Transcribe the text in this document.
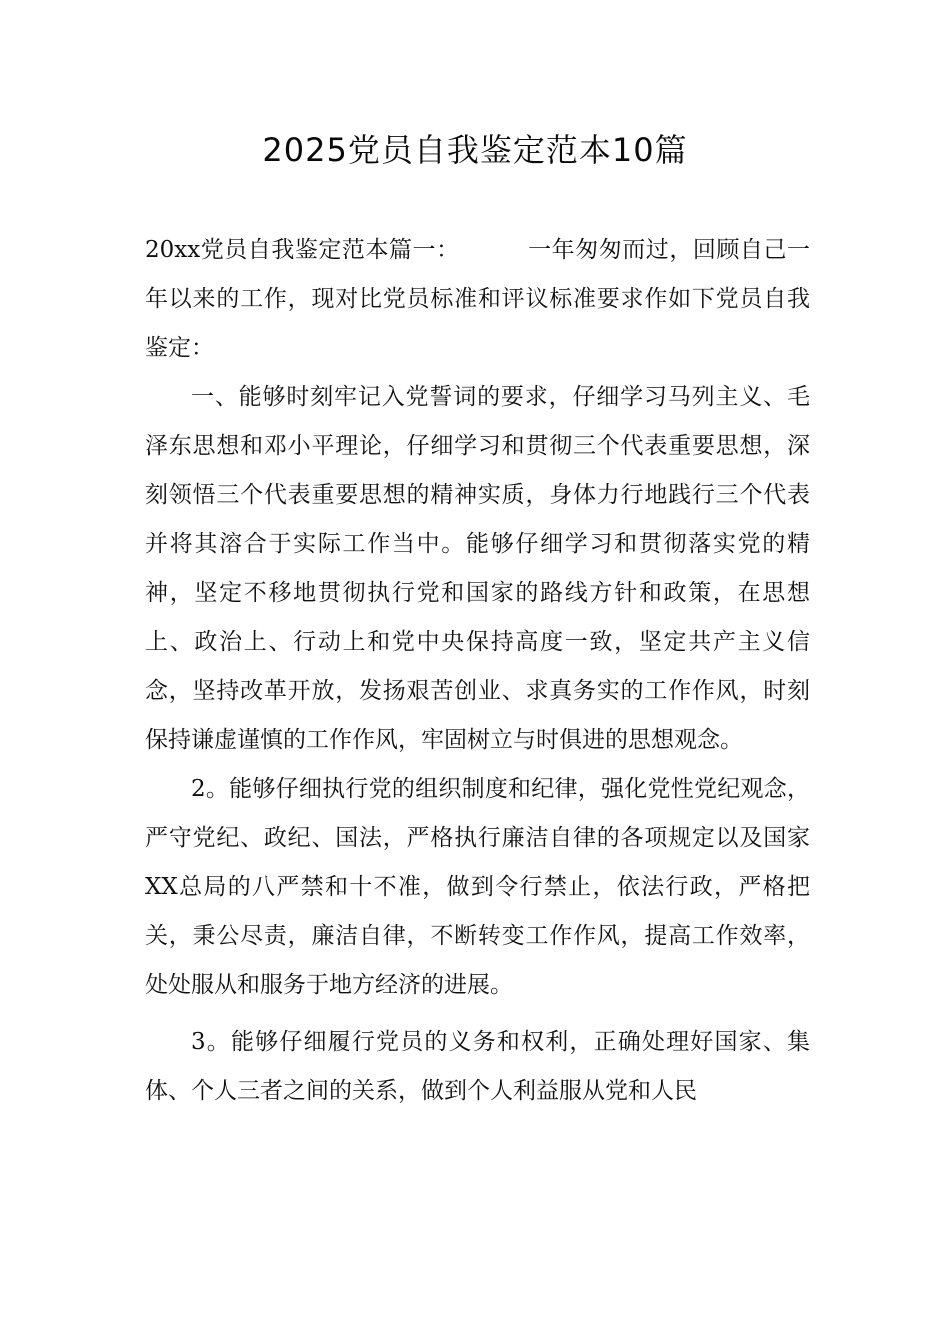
2025党员自我鉴定范本10篇

20xx党员自我鉴定范本篇一：	一年匆匆而过，回顾自己一年以来的工作，现对比党员标准和评议标准要求作如下党员自我鉴定：

一、能够时刻牢记入党誓词的要求，仔细学习马列主义、毛泽东思想和邓小平理论，仔细学习和贯彻三个代表重要思想，深刻领悟三个代表重要思想的精神实质，身体力行地践行三个代表并将其溶合于实际工作当中。能够仔细学习和贯彻落实党的精神，坚定不移地贯彻执行党和国家的路线方针和政策，在思想上、政治上、行动上和党中央保持高度一致，坚定共产主义信念，坚持改革开放，发扬艰苦创业、求真务实的工作作风，时刻保持谦虚谨慎的工作作风，牢固树立与时俱进的思想观念。

2。能够仔细执行党的组织制度和纪律，强化党性党纪观念，严守党纪、政纪、国法，严格执行廉洁自律的各项规定以及国家XX总局的八严禁和十不准，做到令行禁止，依法行政，严格把关，秉公尽责，廉洁自律，不断转变工作作风，提高工作效率，处处服从和服务于地方经济的进展。

3。能够仔细履行党员的义务和权利，正确处理好国家、集体、个人三者之间的关系，做到个人利益服从党和人民
